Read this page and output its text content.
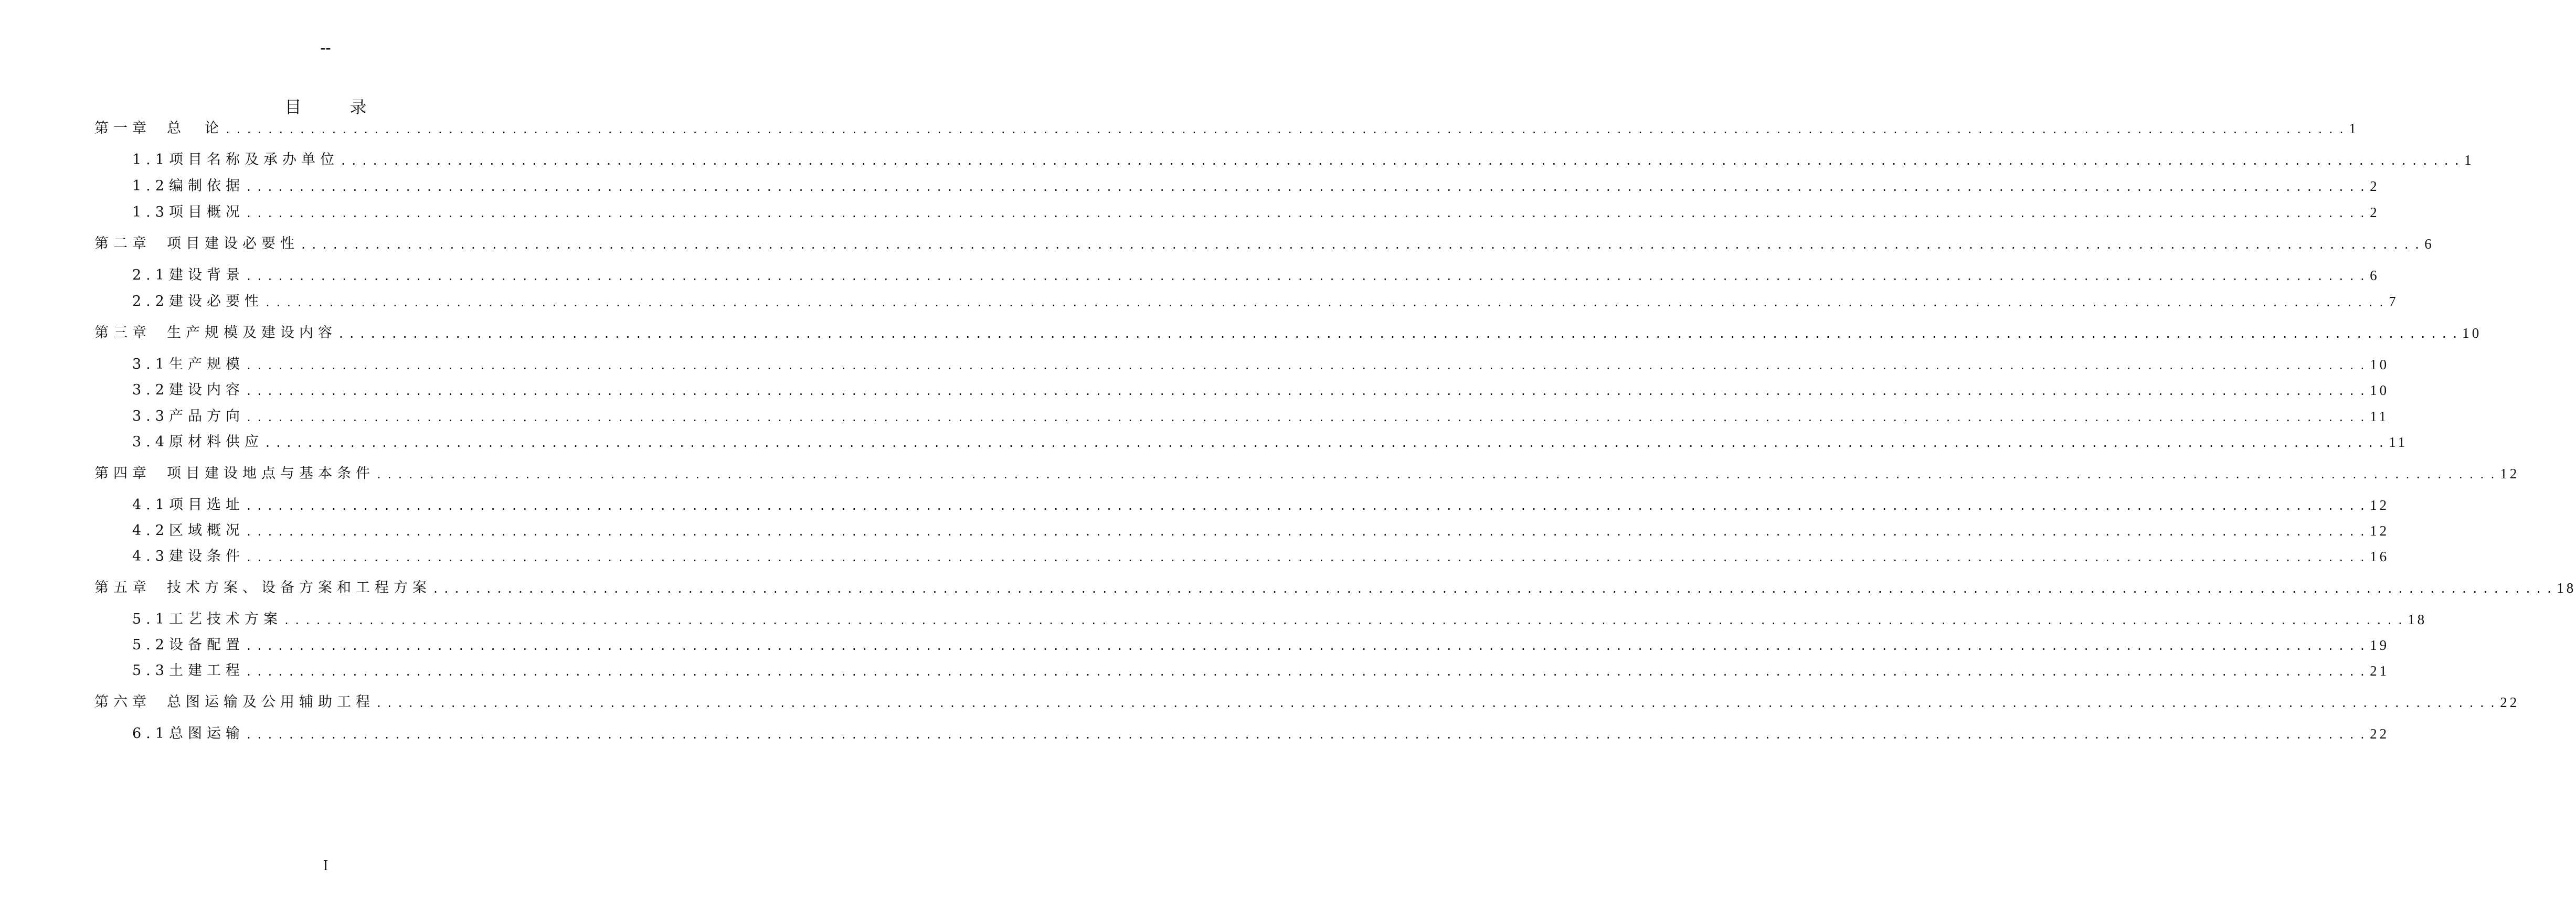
--
目	录
第一章 总　论 ........................................................................................................................................................................................................ 1
1.1项目名称及承办单位 ........................................................................................................................................................................................................ 1
1.2编制依据 ........................................................................................................................................................................................................ 2
1.3项目概况 ........................................................................................................................................................................................................ 2
第二章 项目建设必要性 ........................................................................................................................................................................................................ 6
2.1建设背景 ........................................................................................................................................................................................................ 6
2.2建设必要性 ........................................................................................................................................................................................................ 7
第三章 生产规模及建设内容 ........................................................................................................................................................................................................ 10
3.1生产规模 ........................................................................................................................................................................................................ 10
3.2建设内容 ........................................................................................................................................................................................................ 10
3.3产品方向 ........................................................................................................................................................................................................ 11
3.4原材料供应 ........................................................................................................................................................................................................ 11
第四章 项目建设地点与基本条件 ........................................................................................................................................................................................................ 12
4.1项目选址 ........................................................................................................................................................................................................ 12
4.2区域概况 ........................................................................................................................................................................................................ 12
4.3建设条件 ........................................................................................................................................................................................................ 16
第五章 技术方案、设备方案和工程方案 ........................................................................................................................................................................................................ 18
5.1工艺技术方案 ........................................................................................................................................................................................................ 18
5.2设备配置 ........................................................................................................................................................................................................ 19
5.3土建工程 ........................................................................................................................................................................................................ 21
第六章 总图运输及公用辅助工程 ........................................................................................................................................................................................................ 22
6.1总图运输 ........................................................................................................................................................................................................ 22
I
